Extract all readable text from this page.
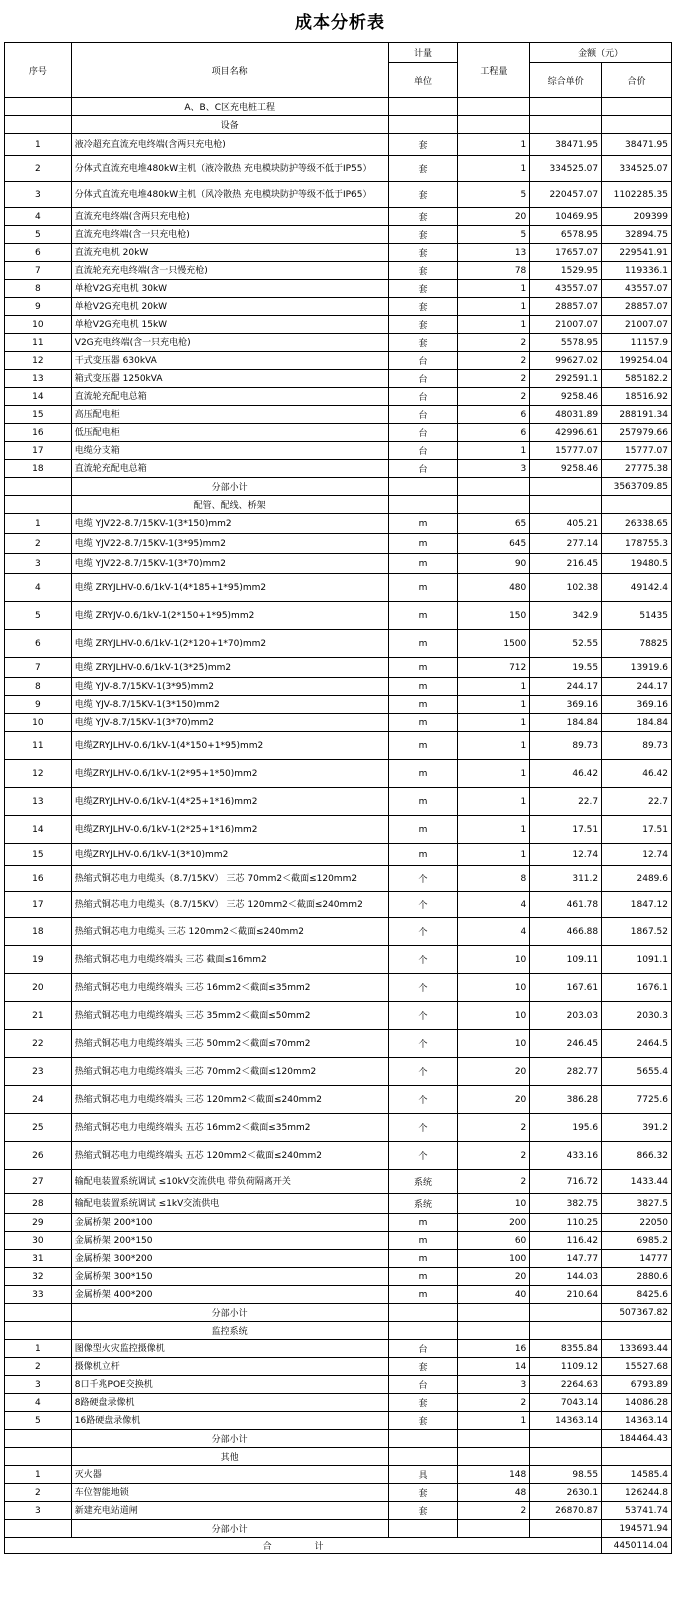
成本分析表
序号	项目名称	计量	工程量	金额（元）	
		单位		综合单价	合价
	A、B、C区充电桩工程				
	设备				
1	液冷超充直流充电终端(含两只充电枪)	套	1	38471.95	38471.95
2	分体式直流充电堆480kW主机（液冷散热 充电模块防护等级不低于IP55）	套	1	334525.07	334525.07
3	分体式直流充电堆480kW主机（风冷散热 充电模块防护等级不低于IP65）	套	5	220457.07	1102285.35
4	直流充电终端(含两只充电枪)	套	20	10469.95	209399
5	直流充电终端(含一只充电枪)	套	5	6578.95	32894.75
6	直流充电机 20kW	套	13	17657.07	229541.91
7	直流轮充充电终端(含一只慢充枪)	套	78	1529.95	119336.1
8	单枪V2G充电机 30kW	套	1	43557.07	43557.07
9	单枪V2G充电机 20kW	套	1	28857.07	28857.07
10	单枪V2G充电机 15kW	套	1	21007.07	21007.07
11	V2G充电终端(含一只充电枪)	套	2	5578.95	11157.9
12	干式变压器 630kVA	台	2	99627.02	199254.04
13	箱式变压器 1250kVA	台	2	292591.1	585182.2
14	直流轮充配电总箱	台	2	9258.46	18516.92
15	高压配电柜	台	6	48031.89	288191.34
16	低压配电柜	台	6	42996.61	257979.66
17	电缆分支箱	台	1	15777.07	15777.07
18	直流轮充配电总箱	台	3	9258.46	27775.38
	分部小计				3563709.85
	配管、配线、桥架				
1	电缆 YJV22-8.7/15KV-1(3*150)mm2	m	65	405.21	26338.65
2	电缆 YJV22-8.7/15KV-1(3*95)mm2	m	645	277.14	178755.3
3	电缆 YJV22-8.7/15KV-1(3*70)mm2	m	90	216.45	19480.5
4	电缆 ZRYJLHV-0.6/1kV-1(4*185+1*95)mm2	m	480	102.38	49142.4
5	电缆 ZRYJV-0.6/1kV-1(2*150+1*95)mm2	m	150	342.9	51435
6	电缆 ZRYJLHV-0.6/1kV-1(2*120+1*70)mm2	m	1500	52.55	78825
7	电缆 ZRYJLHV-0.6/1kV-1(3*25)mm2	m	712	19.55	13919.6
8	电缆 YJV-8.7/15KV-1(3*95)mm2	m	1	244.17	244.17
9	电缆 YJV-8.7/15KV-1(3*150)mm2	m	1	369.16	369.16
10	电缆 YJV-8.7/15KV-1(3*70)mm2	m	1	184.84	184.84
11	电缆ZRYJLHV-0.6/1kV-1(4*150+1*95)mm2	m	1	89.73	89.73
12	电缆ZRYJLHV-0.6/1kV-1(2*95+1*50)mm2	m	1	46.42	46.42
13	电缆ZRYJLHV-0.6/1kV-1(4*25+1*16)mm2	m	1	22.7	22.7
14	电缆ZRYJLHV-0.6/1kV-1(2*25+1*16)mm2	m	1	17.51	17.51
15	电缆ZRYJLHV-0.6/1kV-1(3*10)mm2	m	1	12.74	12.74
16	热缩式铜芯电力电缆头（8.7/15KV） 三芯 70mm2＜截面≤120mm2	个	8	311.2	2489.6
17	热缩式铜芯电力电缆头（8.7/15KV） 三芯 120mm2＜截面≤240mm2	个	4	461.78	1847.12
18	热缩式铜芯电力电缆头 三芯 120mm2＜截面≤240mm2	个	4	466.88	1867.52
19	热缩式铜芯电力电缆终端头 三芯 截面≤16mm2	个	10	109.11	1091.1
20	热缩式铜芯电力电缆终端头 三芯 16mm2＜截面≤35mm2	个	10	167.61	1676.1
21	热缩式铜芯电力电缆终端头 三芯 35mm2＜截面≤50mm2	个	10	203.03	2030.3
22	热缩式铜芯电力电缆终端头 三芯 50mm2＜截面≤70mm2	个	10	246.45	2464.5
23	热缩式铜芯电力电缆终端头 三芯 70mm2＜截面≤120mm2	个	20	282.77	5655.4
24	热缩式铜芯电力电缆终端头 三芯 120mm2＜截面≤240mm2	个	20	386.28	7725.6
25	热缩式铜芯电力电缆终端头 五芯 16mm2＜截面≤35mm2	个	2	195.6	391.2
26	热缩式铜芯电力电缆终端头 五芯 120mm2＜截面≤240mm2	个	2	433.16	866.32
27	输配电装置系统调试 ≤10kV交流供电 带负荷隔离开关	系统	2	716.72	1433.44
28	输配电装置系统调试 ≤1kV交流供电	系统	10	382.75	3827.5
29	金属桥架 200*100	m	200	110.25	22050
30	金属桥架 200*150	m	60	116.42	6985.2
31	金属桥架 300*200	m	100	147.77	14777
32	金属桥架 300*150	m	20	144.03	2880.6
33	金属桥架 400*200	m	40	210.64	8425.6
	分部小计				507367.82
	监控系统				
1	图像型火灾监控摄像机	台	16	8355.84	133693.44
2	摄像机立杆	套	14	1109.12	15527.68
3	8口千兆POE交换机	台	3	2264.63	6793.89
4	8路硬盘录像机	套	2	7043.14	14086.28
5	16路硬盘录像机	套	1	14363.14	14363.14
	分部小计				184464.43
	其他				
1	灭火器	具	148	98.55	14585.4
2	车位智能地锁	套	48	2630.1	126244.8
3	新建充电站道闸	套	2	26870.87	53741.74
	分部小计				194571.94
合 计					4450114.04
